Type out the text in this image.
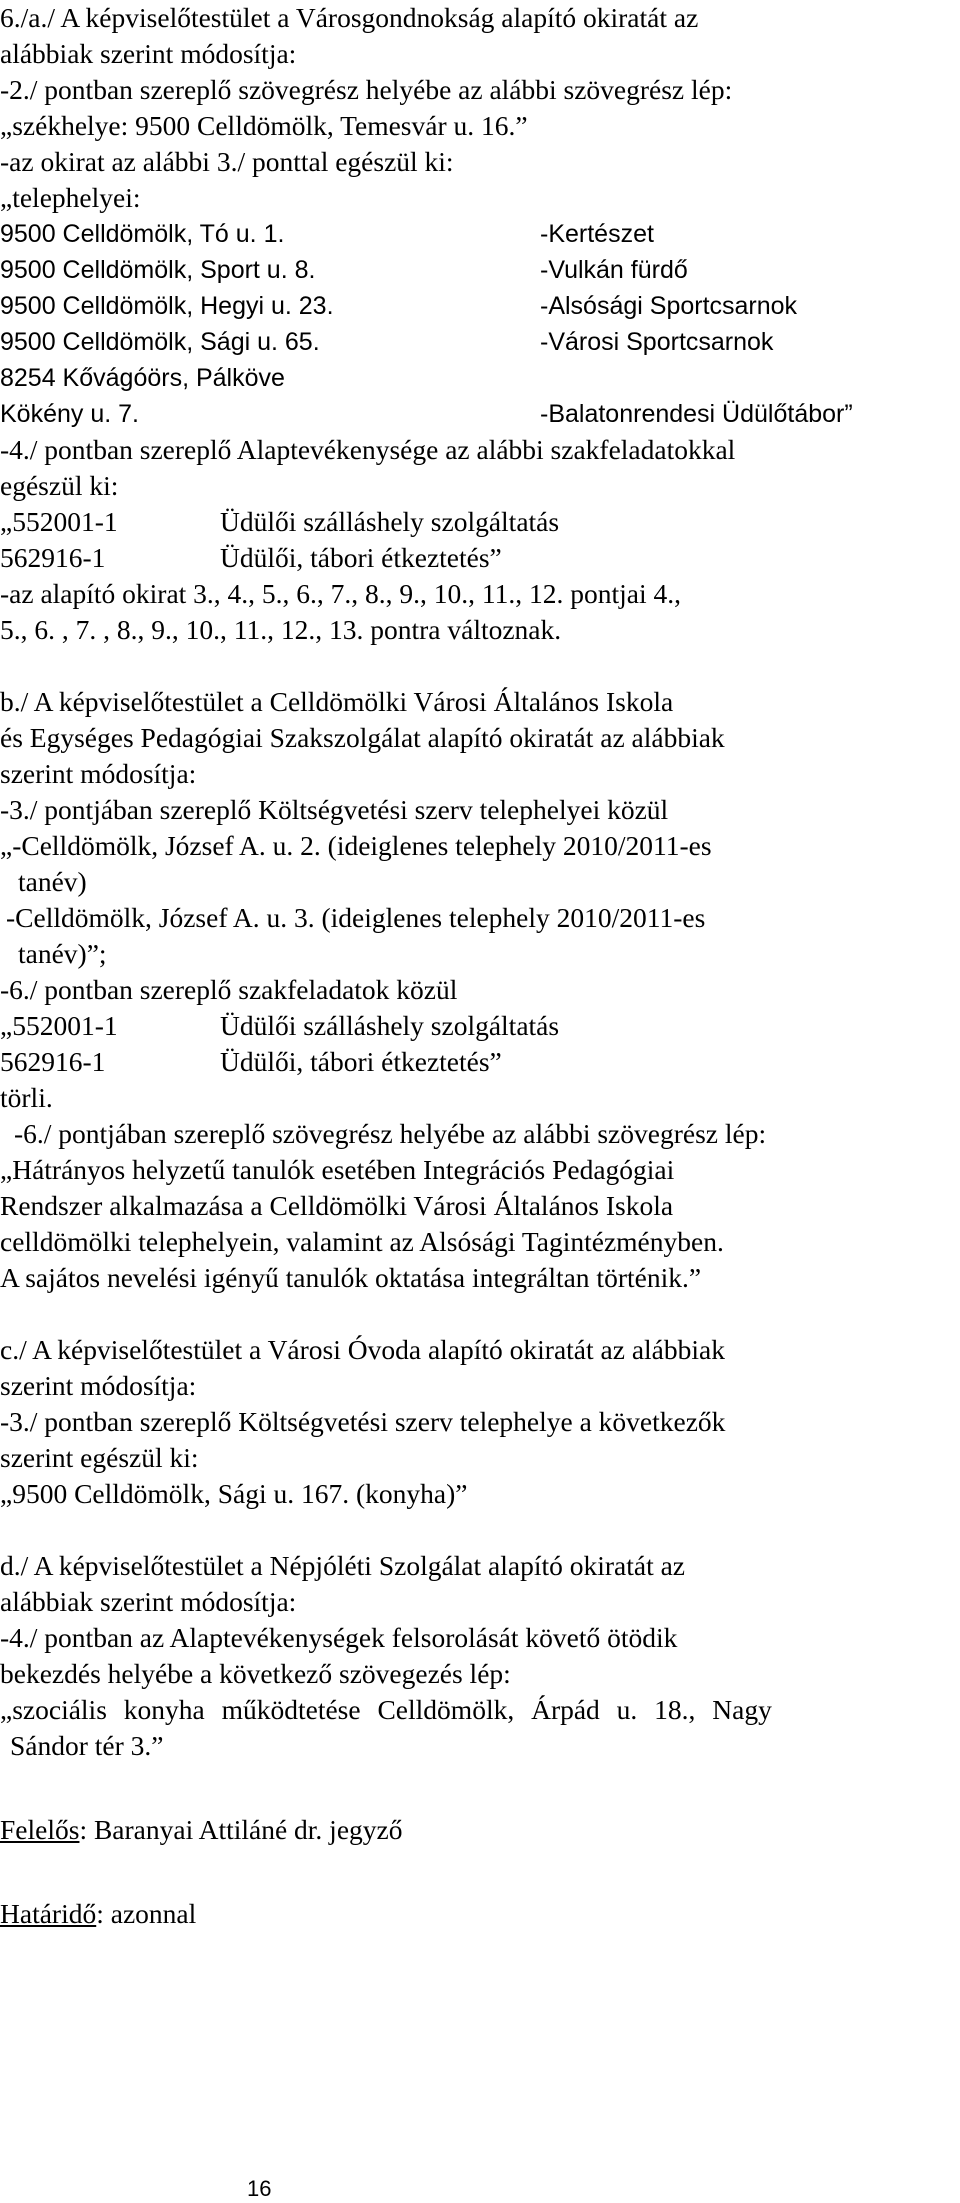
6./a./ A képviselőtestület a Városgondnokság alapító okiratát az
alábbiak szerint módosítja:
-2./ pontban szereplő szövegrész helyébe az alábbi szövegrész lép:
„székhelye: 9500 Celldömölk, Temesvár u. 16.”
-az okirat az alábbi 3./ ponttal egészül ki:
„telephelyei:
9500 Celldömölk, Tó u. 1.	-Kertészet
9500 Celldömölk, Sport u. 8.	-Vulkán fürdő
9500 Celldömölk, Hegyi u. 23.	-Alsósági Sportcsarnok
9500 Celldömölk, Sági u. 65.	-Városi Sportcsarnok
8254 Kővágóörs, Pálköve
Kökény u. 7.	-Balatonrendesi Üdülőtábor”
-4./ pontban szereplő Alaptevékenysége az alábbi szakfeladatokkal
egészül ki:
„552001-1	Üdülői szálláshely szolgáltatás
562916-1	Üdülői, tábori étkeztetés”
-az alapító okirat 3., 4., 5., 6., 7., 8., 9., 10., 11., 12. pontjai 4.,
5., 6. , 7. , 8., 9., 10., 11., 12., 13. pontra változnak.
b./ A képviselőtestület a Celldömölki Városi Általános Iskola
és Egységes Pedagógiai Szakszolgálat alapító okiratát az alábbiak
szerint módosítja:
-3./ pontjában szereplő Költségvetési szerv telephelyei közül
„-Celldömölk, József A. u. 2. (ideiglenes telephely 2010/2011-es
tanév)
-Celldömölk, József A. u. 3. (ideiglenes telephely 2010/2011-es
tanév)”;
-6./ pontban szereplő szakfeladatok közül
„552001-1	Üdülői szálláshely szolgáltatás
562916-1	Üdülői, tábori étkeztetés”
törli.
-6./ pontjában szereplő szövegrész helyébe az alábbi szövegrész lép:
„Hátrányos helyzetű tanulók esetében Integrációs Pedagógiai
Rendszer alkalmazása a Celldömölki Városi Általános Iskola
celldömölki telephelyein, valamint az Alsósági Tagintézményben.
A sajátos nevelési igényű tanulók oktatása integráltan történik.”
c./ A képviselőtestület a Városi Óvoda alapító okiratát az alábbiak
szerint módosítja:
-3./ pontban szereplő Költségvetési szerv telephelye a következők
szerint egészül ki:
„9500 Celldömölk, Sági u. 167. (konyha)”
d./ A képviselőtestület a Népjóléti Szolgálat alapító okiratát az
alábbiak szerint módosítja:
-4./ pontban az Alaptevékenységek felsorolását követő ötödik
bekezdés helyébe a következő szövegezés lép:
„szociális konyha működtetése Celldömölk, Árpád u. 18., Nagy
Sándor tér 3.”
Felelős: Baranyai Attiláné dr. jegyző
Határidő: azonnal
16
